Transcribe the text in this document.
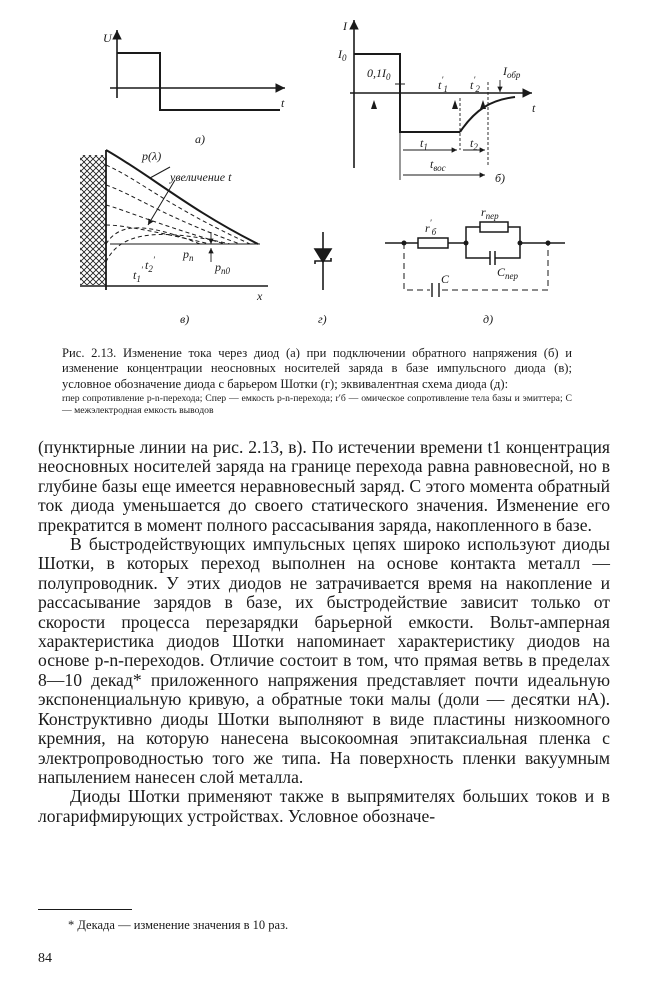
U
t
а)
I
$I_0$
$0,1I_0$
$t'_1$ $t'_2$
$I_{обр}$
t
$t_1$	$t_2$
$t_{вос}$
б)
p(λ)
увеличение t
$p_n$
$p_{n0}$
$t_1'$ $t_2'$
x
в)	г)
$r'_б$
$r_{пер}$
$C_{пер}$
C
д)
Рис. 2.13. Изменение тока через диод (а) при подключении обратного напряжения (б) и изменение концентрации неосновных носителей заряда в базе импульсного диода (в); условное обозначение диода с барьером Шотки (г); эквивалентная схема диода (д):
rпер сопротивление p-n-перехода; Cпер — емкость p-n-перехода; r′б — омическое сопротивление тела базы и эмиттера; C — межэлектродная емкость выводов

(пунктирные линии на рис. 2.13, в). По истечении времени t1 концентрация неосновных носителей заряда на границе перехода равна равновесной, но в глубине базы еще имеется неравновесный заряд. С этого момента обратный ток диода уменьшается до своего статического значения. Изменение его прекратится в момент полного рассасывания заряда, накопленного в базе.

В быстродействующих импульсных цепях широко используют диоды Шотки, в которых переход выполнен на основе контакта металл — полупроводник. У этих диодов не затрачивается время на накопление и рассасывание зарядов в базе, их быстродействие зависит только от скорости процесса перезарядки барьерной емкости. Вольт-амперная характеристика диодов Шотки напоминает характеристику диодов на основе p-n-переходов. Отличие состоит в том, что прямая ветвь в пределах 8—10 декад* приложенного напряжения представляет почти идеальную экспоненциальную кривую, а обратные токи малы (доли — десятки нА). Конструктивно диоды Шотки выполняют в виде пластины низкоомного кремния, на которую нанесена высокоомная эпитаксиальная пленка с электропроводностью того же типа. На поверхность пленки вакуумным напылением нанесен слой металла.

Диоды Шотки применяют также в выпрямителях больших токов и в логарифмирующих устройствах. Условное обозначе-

* Декада — изменение значения в 10 раз.
84
